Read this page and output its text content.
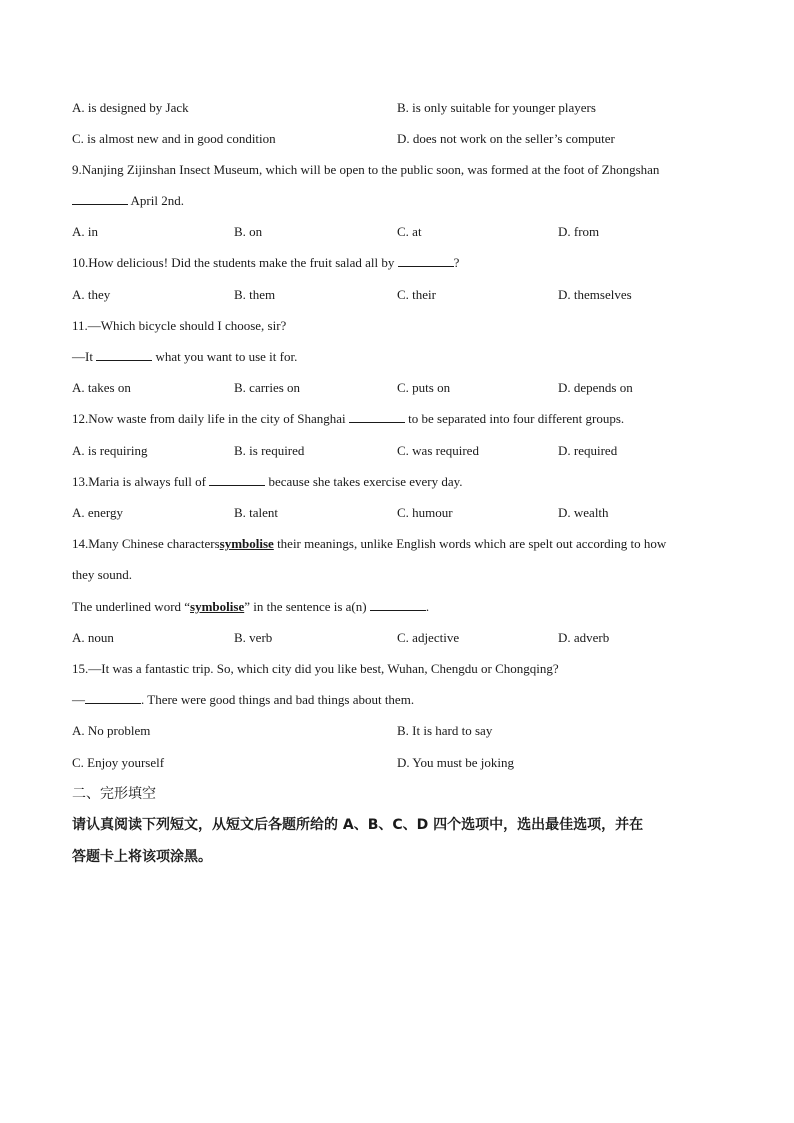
A. is designed by Jack	B. is only suitable for younger players
C. is almost new and in good condition	D. does not work on the seller’s computer
9.Nanjing Zijinshan Insect Museum, which will be open to the public soon, was formed at the foot of Zhongshan
April 2nd.
A. in	B. on	C. at	D. from
10.How delicious! Did the students make the fruit salad all by	?
A. they	B. them	C. their	D. themselves
11.—Which bicycle should I choose, sir?
—It	what you want to use it for.
A. takes on	B. carries on	C. puts on	D. depends on
12.Now waste from daily life in the city of Shanghai	to be separated into four different groups.
A. is requiring	B. is required	C. was required	D. required
13.Maria is always full of	because she takes exercise every day.
A. energy	B. talent	C. humour	D. wealth
14.Many Chinese characterssymbolise their meanings, unlike English words which are spelt out according to how
they sound.
The underlined word “symbolise” in the sentence is a(n)	.
A. noun	B. verb	C. adjective	D. adverb
15.—It was a fantastic trip. So, which city did you like best, Wuhan, Chengdu or Chongqing?
—	. There were good things and bad things about them.
A. No problem	B. It is hard to say
C. Enjoy yourself	D. You must be joking
二、完形填空
请认真阅读下列短文，从短文后各题所给的 A、B、C、D 四个选项中，选出最佳选项，并在
答题卡上将该项涂黑。
